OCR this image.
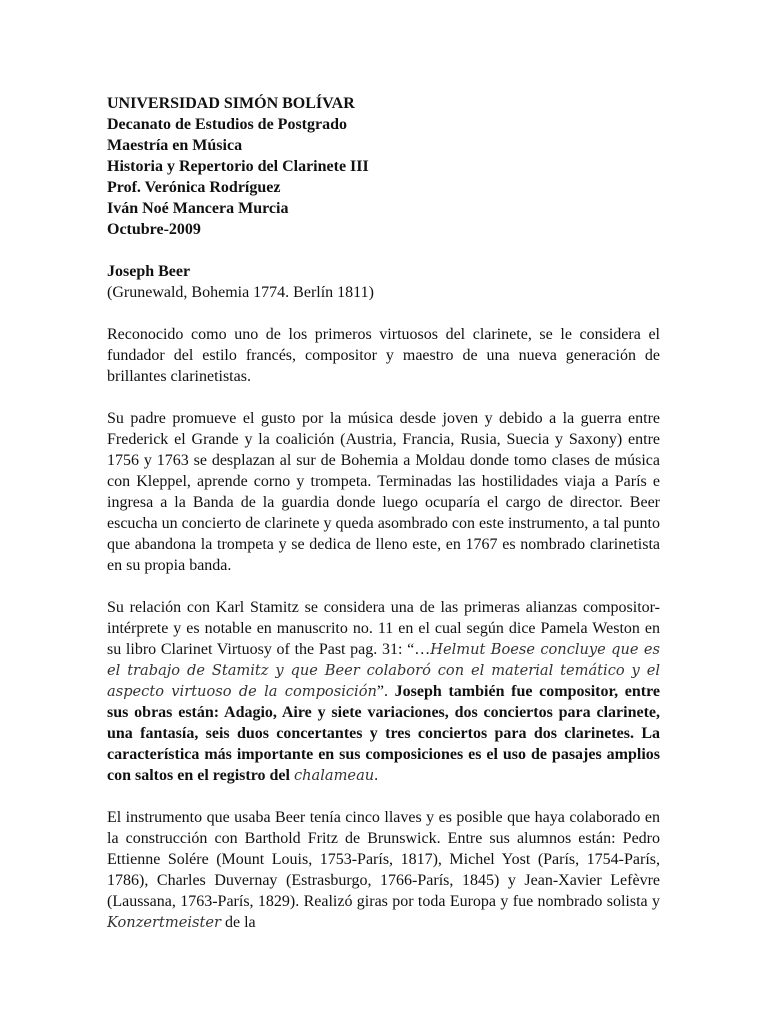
UNIVERSIDAD SIMÓN BOLÍVAR
Decanato de Estudios de Postgrado
Maestría en Música
Historia y Repertorio del Clarinete III
Prof. Verónica Rodríguez
Iván Noé Mancera Murcia
Octubre-2009
Joseph Beer
(Grunewald, Bohemia 1774. Berlín 1811)

Reconocido como uno de los primeros virtuosos del clarinete, se le considera el fundador del estilo francés, compositor y maestro de una nueva generación de brillantes clarinetistas.

Su padre promueve el gusto por la música desde joven y debido a la guerra entre Frederick el Grande y la coalición (Austria, Francia, Rusia, Suecia y Saxony) entre 1756 y 1763 se desplazan al sur de Bohemia a Moldau donde tomo clases de música con Kleppel, aprende corno y trompeta. Terminadas las hostilidades viaja a París e ingresa a la Banda de la guardia donde luego ocuparía el cargo de director. Beer escucha un concierto de clarinete y queda asombrado con este instrumento, a tal punto que abandona la trompeta y se dedica de lleno este, en 1767 es nombrado clarinetista en su propia banda.

Su relación con Karl Stamitz se considera una de las primeras alianzas compositor-intérprete y es notable en manuscrito no. 11 en el cual según dice Pamela Weston en su libro Clarinet Virtuosy of the Past pag. 31: “…Helmut Boese concluye que es el trabajo de Stamitz y que Beer colaboró con el material temático y el aspecto virtuoso de la composición”. Joseph también fue compositor, entre sus obras están: Adagio, Aire y siete variaciones, dos conciertos para clarinete, una fantasía, seis duos concertantes y tres conciertos para dos clarinetes. La característica más importante en sus composiciones es el uso de pasajes amplios con saltos en el registro del chalameau.

El instrumento que usaba Beer tenía cinco llaves y es posible que haya colaborado en la construcción con Barthold Fritz de Brunswick. Entre sus alumnos están: Pedro Ettienne Solére (Mount Louis, 1753-París, 1817), Michel Yost (París, 1754-París, 1786), Charles Duvernay (Estrasburgo, 1766-París, 1845) y Jean-Xavier Lefèvre (Laussana, 1763-París, 1829). Realizó giras por toda Europa y fue nombrado solista y Konzertmeister de la
